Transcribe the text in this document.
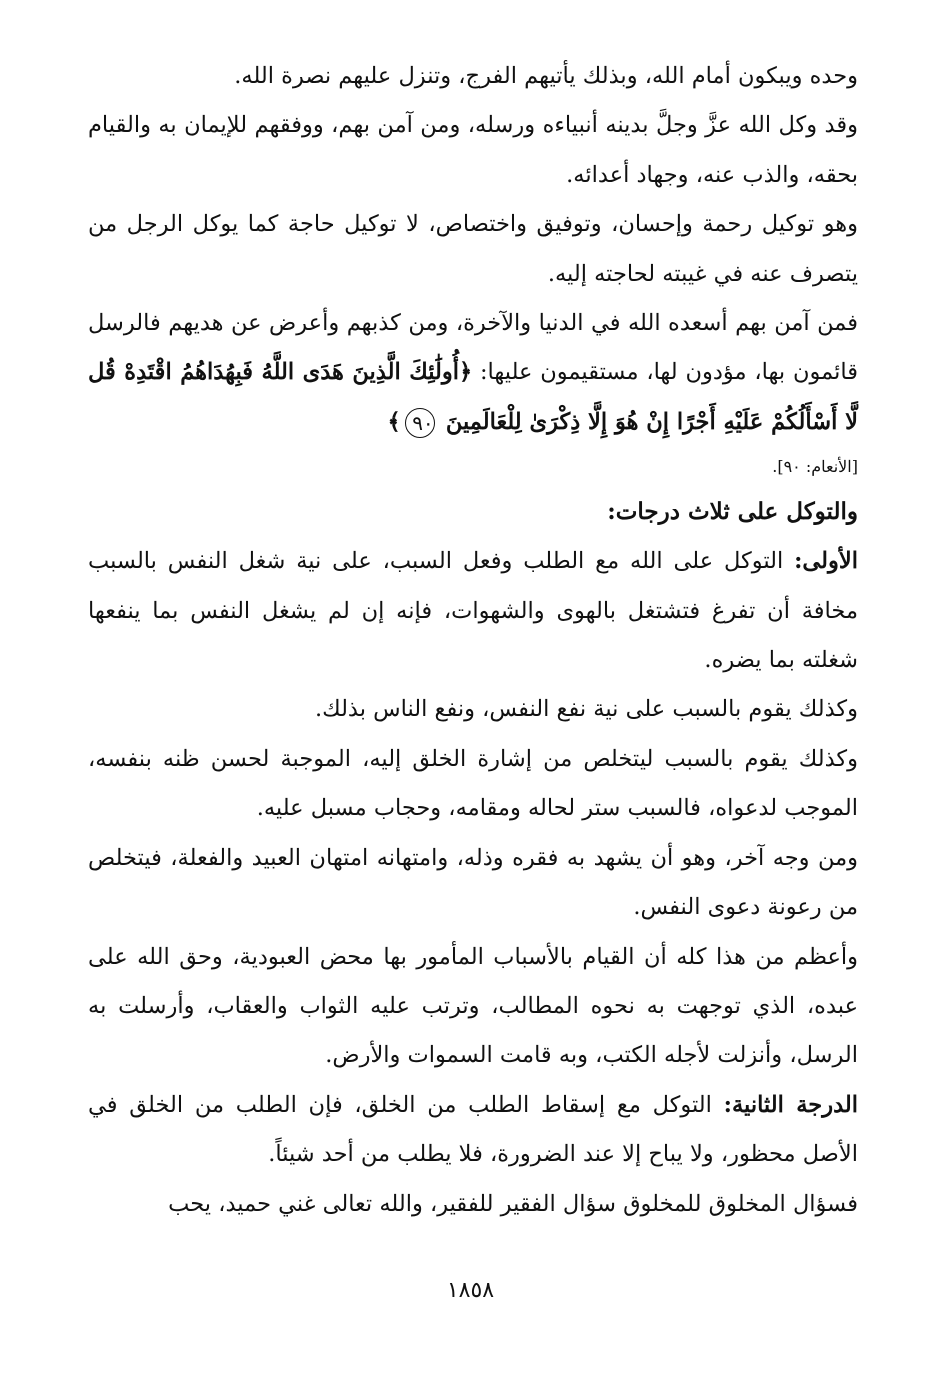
وحده ويبكون أمام الله، وبذلك يأتيهم الفرج، وتنزل عليهم نصرة الله.

وقد وكل الله عزَّ وجلَّ بدينه أنبياءه ورسله، ومن آمن بهم، ووفقهم للإيمان به والقيام بحقه، والذب عنه، وجهاد أعدائه.

وهو توكيل رحمة وإحسان، وتوفيق واختصاص، لا توكيل حاجة كما يوكل الرجل من يتصرف عنه في غيبته لحاجته إليه.

فمن آمن بهم أسعده الله في الدنيا والآخرة، ومن كذبهم وأعرض عن هديهم فالرسل قائمون بها، مؤدون لها، مستقيمون عليها: ﴿أُولَٰئِكَ الَّذِينَ هَدَى اللَّهُ فَبِهُدَاهُمُ اقْتَدِهْ قُل لَّا أَسْأَلُكُمْ عَلَيْهِ أَجْرًا إِنْ هُوَ إِلَّا ذِكْرَىٰ لِلْعَالَمِينَ ٩٠﴾

[الأنعام: ٩٠].

والتوكل على ثلاث درجات:

الأولى: التوكل على الله مع الطلب وفعل السبب، على نية شغل النفس بالسبب مخافة أن تفرغ فتشتغل بالهوى والشهوات، فإنه إن لم يشغل النفس بما ينفعها شغلته بما يضره.

وكذلك يقوم بالسبب على نية نفع النفس، ونفع الناس بذلك.

وكذلك يقوم بالسبب ليتخلص من إشارة الخلق إليه، الموجبة لحسن ظنه بنفسه، الموجب لدعواه، فالسبب ستر لحاله ومقامه، وحجاب مسبل عليه.

ومن وجه آخر، وهو أن يشهد به فقره وذله، وامتهانه امتهان العبيد والفعلة، فيتخلص من رعونة دعوى النفس.

وأعظم من هذا كله أن القيام بالأسباب المأمور بها محض العبودية، وحق الله على عبده، الذي توجهت به نحوه المطالب، وترتب عليه الثواب والعقاب، وأرسلت به الرسل، وأنزلت لأجله الكتب، وبه قامت السموات والأرض.

الدرجة الثانية: التوكل مع إسقاط الطلب من الخلق، فإن الطلب من الخلق في الأصل محظور، ولا يباح إلا عند الضرورة، فلا يطلب من أحد شيئاً.

فسؤال المخلوق للمخلوق سؤال الفقير للفقير، والله تعالى غني حميد، يحب

١٨٥٨
